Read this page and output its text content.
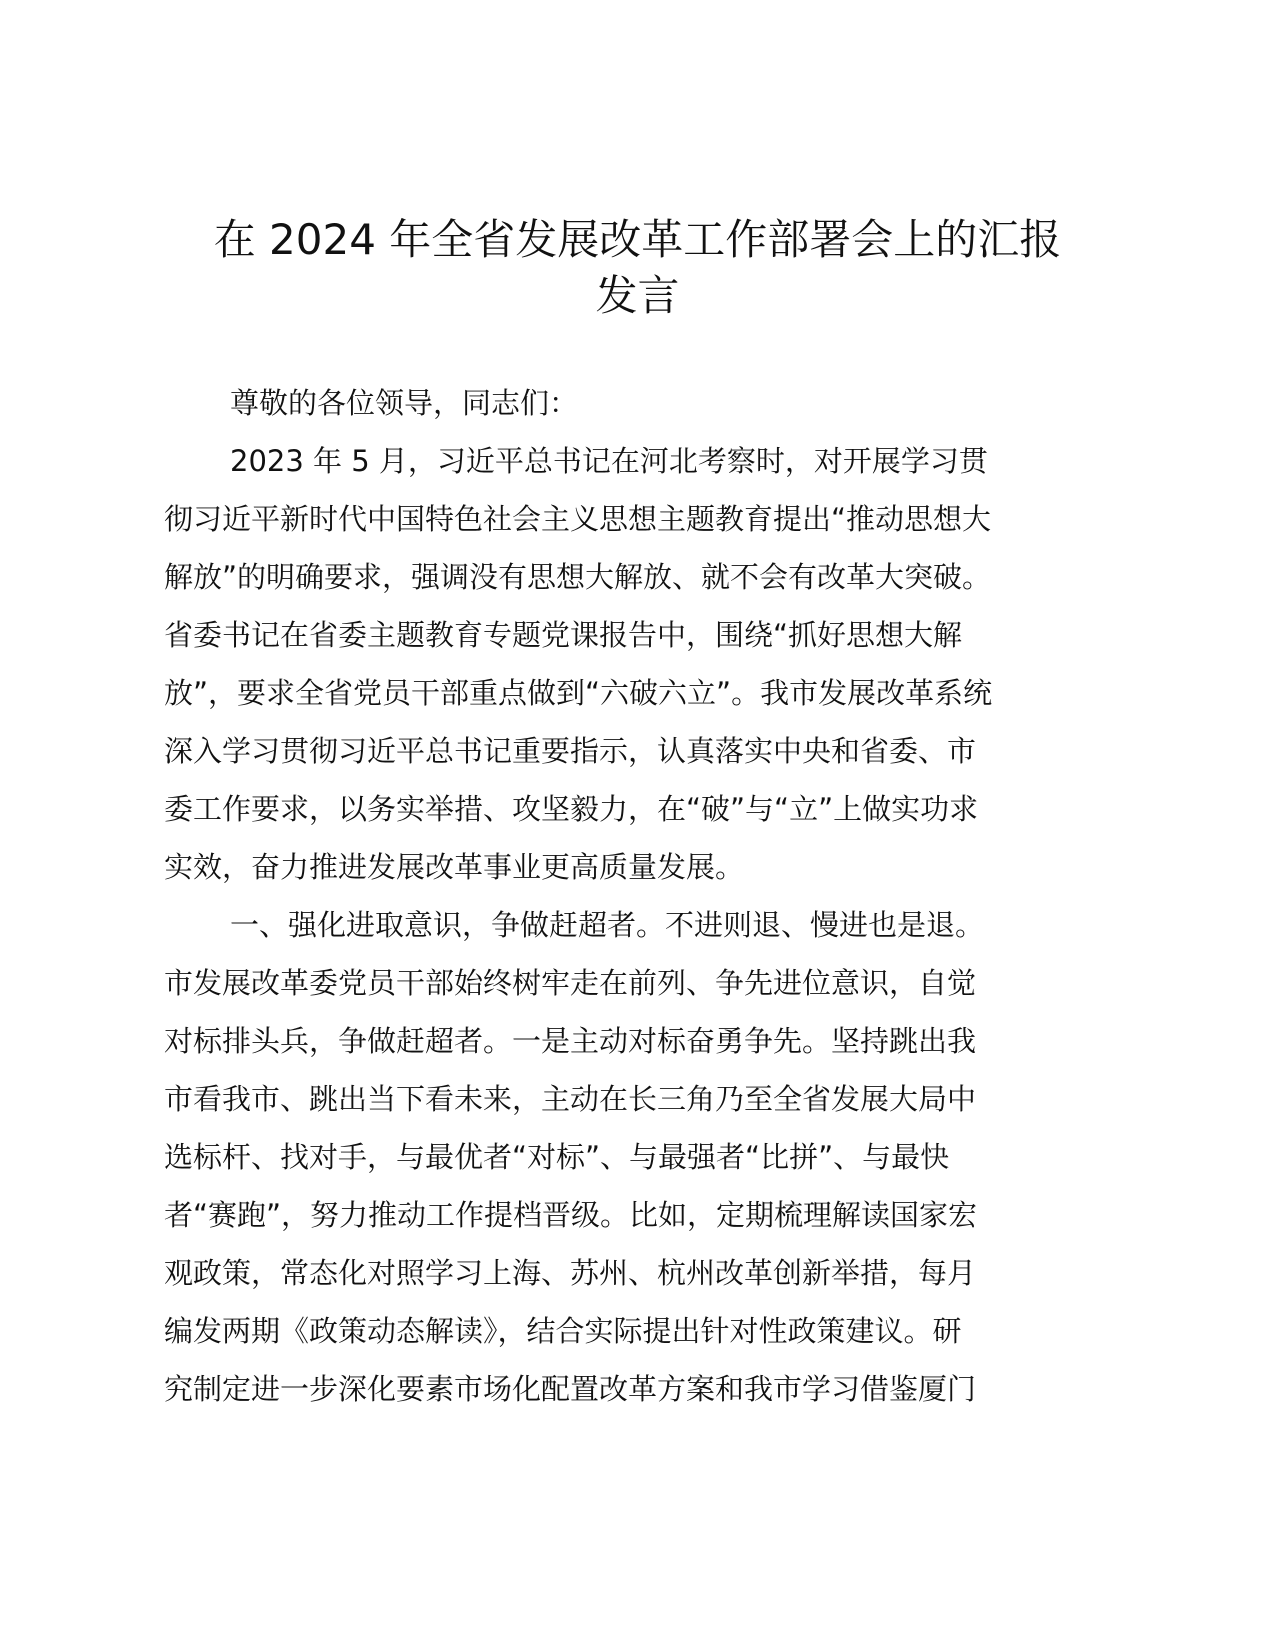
在 2024 年全省发展改革工作部署会上的汇报
发言
尊敬的各位领导，同志们：
2023 年 5 月，习近平总书记在河北考察时，对开展学习贯
彻习近平新时代中国特色社会主义思想主题教育提出“推动思想大
解放”的明确要求，强调没有思想大解放、就不会有改革大突破。
省委书记在省委主题教育专题党课报告中，围绕“抓好思想大解
放”，要求全省党员干部重点做到“六破六立”。我市发展改革系统
深入学习贯彻习近平总书记重要指示，认真落实中央和省委、市
委工作要求，以务实举措、攻坚毅力，在“破”与“立”上做实功求
实效，奋力推进发展改革事业更高质量发展。
一、强化进取意识，争做赶超者。不进则退、慢进也是退。
市发展改革委党员干部始终树牢走在前列、争先进位意识，自觉
对标排头兵，争做赶超者。一是主动对标奋勇争先。坚持跳出我
市看我市、跳出当下看未来，主动在长三角乃至全省发展大局中
选标杆、找对手，与最优者“对标”、与最强者“比拼”、与最快
者“赛跑”，努力推动工作提档晋级。比如，定期梳理解读国家宏
观政策，常态化对照学习上海、苏州、杭州改革创新举措，每月
编发两期《政策动态解读》，结合实际提出针对性政策建议。研
究制定进一步深化要素市场化配置改革方案和我市学习借鉴厦门
